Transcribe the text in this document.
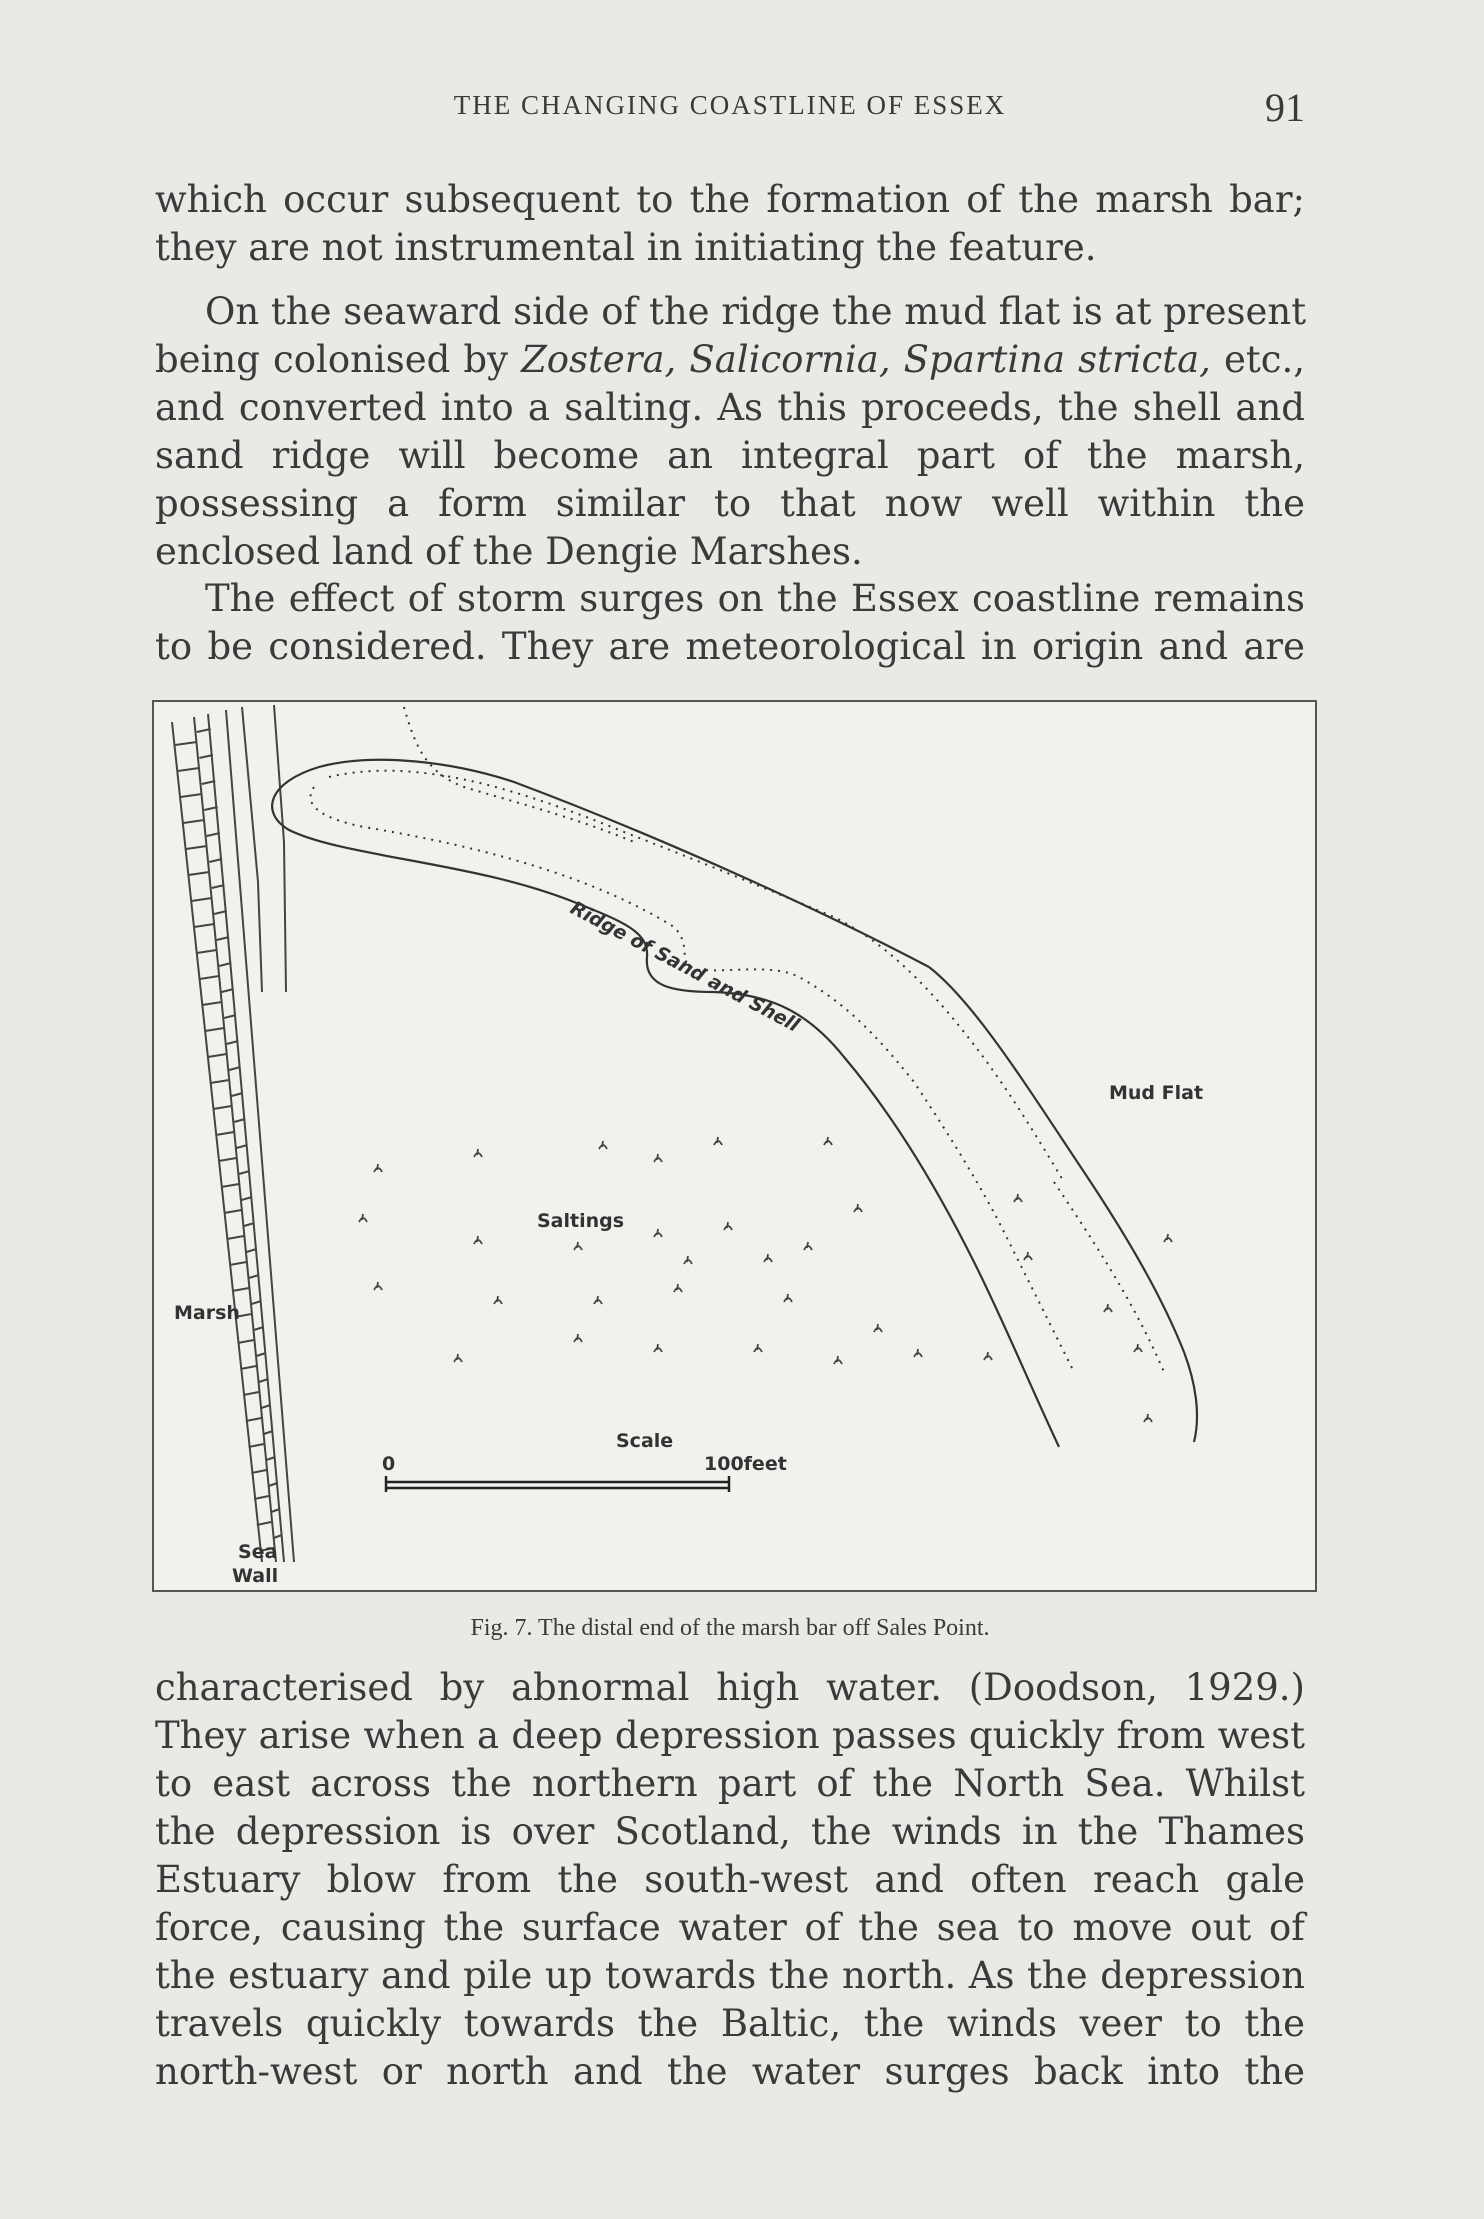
THE CHANGING COASTLINE OF ESSEX	91
which occur subsequent to the formation of the marsh bar;
they are not instrumental in initiating the feature.
On the seaward side of the ridge the mud flat is at present
being colonised by Zostera, Salicornia, Spartina stricta, etc.,
and converted into a salting. As this proceeds, the shell and
sand ridge will become an integral part of the marsh,
possessing a form similar to that now well within the
enclosed land of the Dengie Marshes.
The effect of storm surges on the Essex coastline remains
to be considered. They are meteorological in origin and are
Ridge of Sand and Shell
Mud Flat
Saltings
Marsh
Sea
Wall
Scale
0	100feet
Fig. 7. The distal end of the marsh bar off Sales Point.
characterised by abnormal high water. (Doodson, 1929.)
They arise when a deep depression passes quickly from west
to east across the northern part of the North Sea. Whilst
the depression is over Scotland, the winds in the Thames
Estuary blow from the south-west and often reach gale
force, causing the surface water of the sea to move out of
the estuary and pile up towards the north. As the depression
travels quickly towards the Baltic, the winds veer to the
north-west or north and the water surges back into the
